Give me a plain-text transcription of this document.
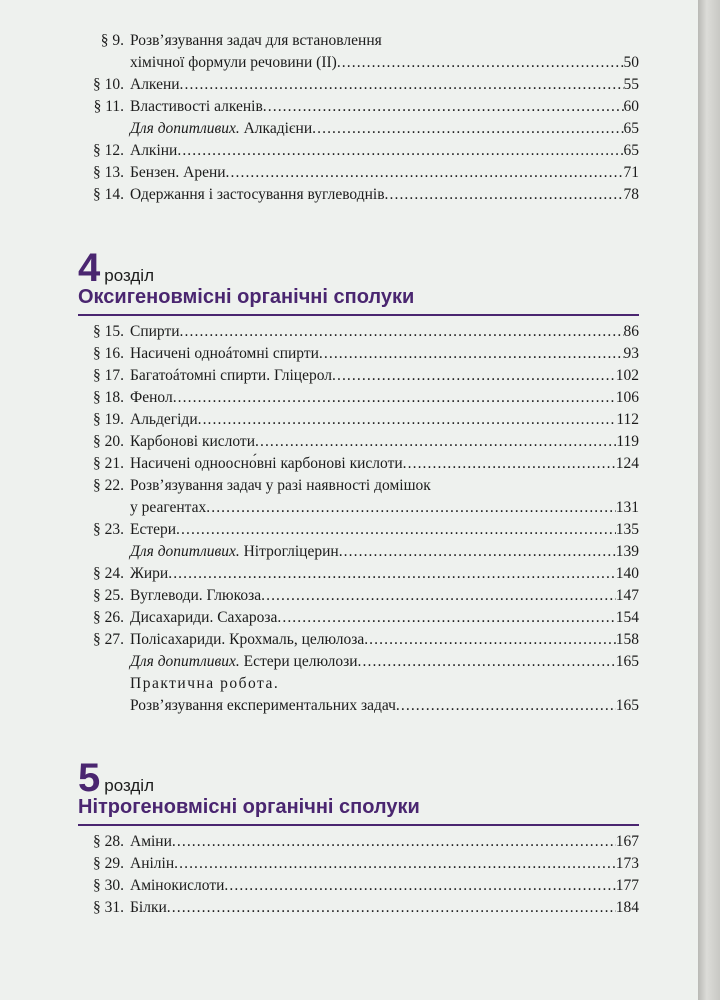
§ 9. Розв’язування задач для встановлення
хімічної формули речовини (II) .....	50
§ 10. Алкени .....	55
§ 11. Властивості алкенів .....	60
Для допитливих. Алкадієни .....	65
§ 12. Алкіни .....	65
§ 13. Бензен. Арени .....	71
§ 14. Одержання і застосування вуглеводнів .....	78
4 розділ
Оксигеновмісні органічні сполуки
§ 15. Спирти .....	86
§ 16. Насичені однoáтомні спирти .....	93
§ 17. Багатоáтомні спирти. Гліцерол .....	102
§ 18. Фенол .....	106
§ 19. Альдегіди .....	112
§ 20. Карбонові кислоти .....	119
§ 21. Насичені одноосно́вні карбонові кислоти .....	124
§ 22. Розв’язування задач у разі наявності домішок
у реагентах .....	131
§ 23. Естери .....	135
Для допитливих. Нітрогліцерин .....	139
§ 24. Жири .....	140
§ 25. Вуглеводи. Глюкоза .....	147
§ 26. Дисахариди. Сахароза .....	154
§ 27. Полісахариди. Крохмаль, целюлоза .....	158
Для допитливих. Естери целюлози .....	165
Практична робота.
Розв’язування експериментальних задач .....	165
5 розділ
Нітрогеновмісні органічні сполуки
§ 28. Аміни .....	167
§ 29. Анілін .....	173
§ 30. Амінокислоти .....	177
§ 31. Білки .....	184
